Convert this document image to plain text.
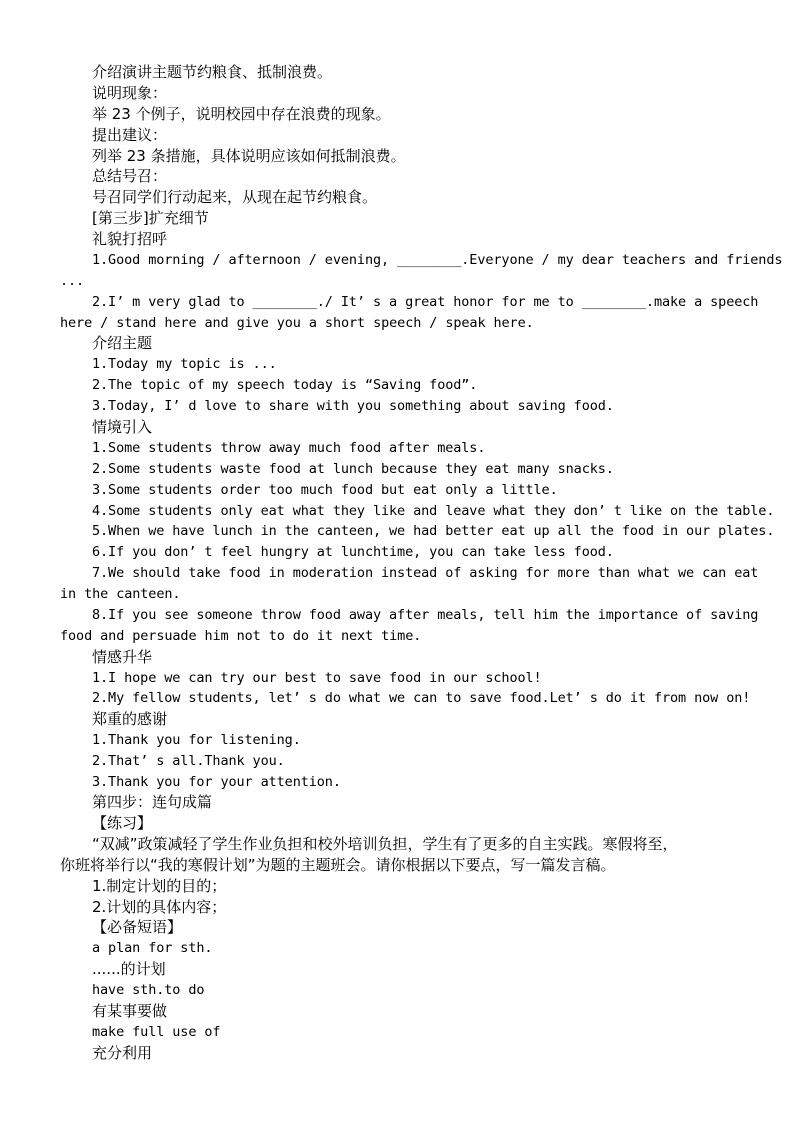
介绍演讲主题节约粮食、抵制浪费。
说明现象：
举 23 个例子，说明校园中存在浪费的现象。
提出建议：
列举 23 条措施，具体说明应该如何抵制浪费。
总结号召：
号召同学们行动起来，从现在起节约粮食。
[第三步]扩充细节
礼貌打招呼
1.Good morning / afternoon / evening, ________.Everyone / my dear teachers and friends
...
2.I’ m very glad to ________./ It’ s a great honor for me to ________.make a speech
here / stand here and give you a short speech / speak here.
介绍主题
1.Today my topic is ...
2.The topic of my speech today is “Saving food”.
3.Today, I’ d love to share with you something about saving food.
情境引入
1.Some students throw away much food after meals.
2.Some students waste food at lunch because they eat many snacks.
3.Some students order too much food but eat only a little.
4.Some students only eat what they like and leave what they don’ t like on the table.
5.When we have lunch in the canteen, we had better eat up all the food in our plates.
6.If you don’ t feel hungry at lunchtime, you can take less food.
7.We should take food in moderation instead of asking for more than what we can eat
in the canteen.
8.If you see someone throw food away after meals, tell him the importance of saving
food and persuade him not to do it next time.
情感升华
1.I hope we can try our best to save food in our school!
2.My fellow students, let’ s do what we can to save food.Let’ s do it from now on!
郑重的感谢
1.Thank you for listening.
2.That’ s all.Thank you.
3.Thank you for your attention.
第四步：连句成篇
【练习】
“双减”政策减轻了学生作业负担和校外培训负担，学生有了更多的自主实践。寒假将至，
你班将举行以“我的寒假计划”为题的主题班会。请你根据以下要点，写一篇发言稿。
1.制定计划的目的；
2.计划的具体内容；
【必备短语】
a plan for sth.
......的计划
have sth.to do
有某事要做
make full use of
充分利用
